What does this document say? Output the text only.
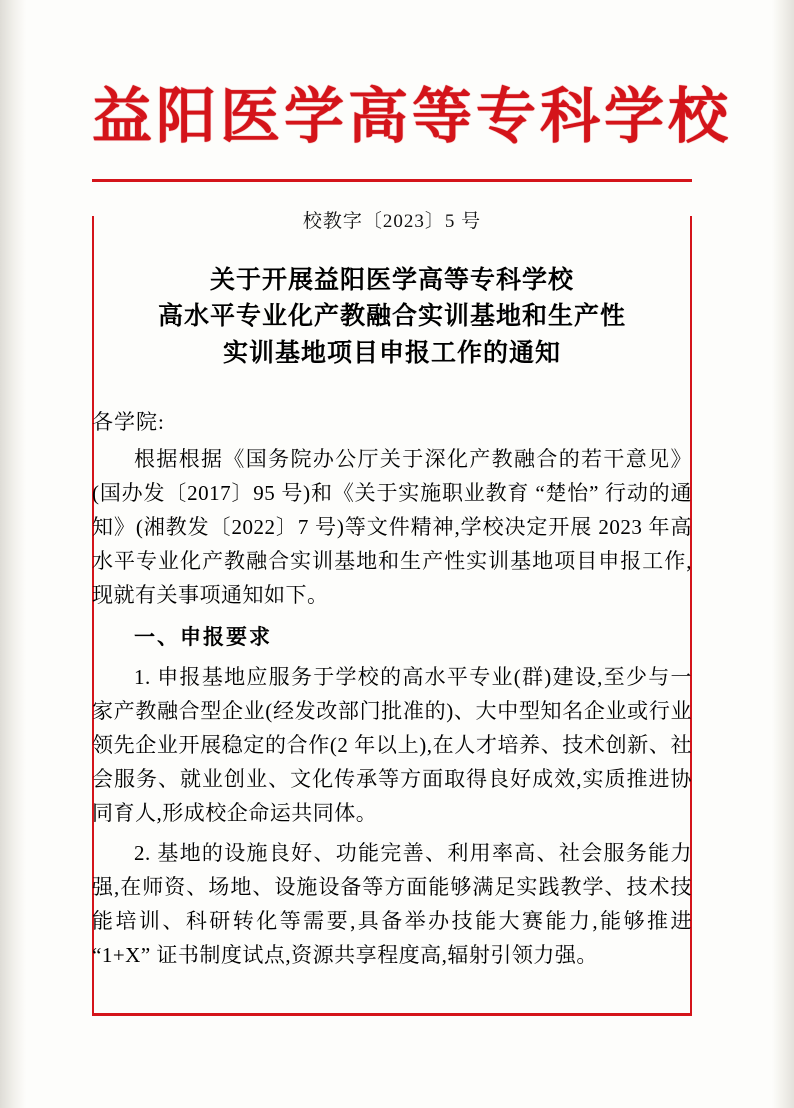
益阳医学高等专科学校
校教字〔2023〕5 号
关于开展益阳医学高等专科学校
高水平专业化产教融合实训基地和生产性
实训基地项目申报工作的通知
各学院:

根据根据《国务院办公厅关于深化产教融合的若干意见》(国办发〔2017〕95 号)和《关于实施职业教育 “楚怡” 行动的通知》(湘教发〔2022〕7 号)等文件精神,学校决定开展 2023 年高水平专业化产教融合实训基地和生产性实训基地项目申报工作,现就有关事项通知如下。

一、申报要求

1. 申报基地应服务于学校的高水平专业(群)建设,至少与一家产教融合型企业(经发改部门批准的)、大中型知名企业或行业领先企业开展稳定的合作(2 年以上),在人才培养、技术创新、社会服务、就业创业、文化传承等方面取得良好成效,实质推进协同育人,形成校企命运共同体。

2. 基地的设施良好、功能完善、利用率高、社会服务能力强,在师资、场地、设施设备等方面能够满足实践教学、技术技能培训、科研转化等需要,具备举办技能大赛能力,能够推进 “1+X” 证书制度试点,资源共享程度高,辐射引领力强。
